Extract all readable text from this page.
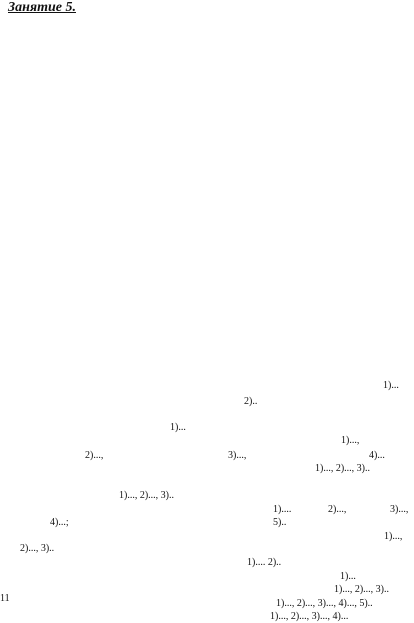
Занятие 5.
1)...
2)..
1)...
1)...,
2)...,	3)...,	4)...
1)..., 2)..., 3)..
1)..., 2)..., 3)..
1)....	2)...,	3)...,
4)...;	5)..
1)...,
2)..., 3)..
1).... 2)..
1)...
1)..., 2)..., 3)..
1)..., 2)..., 3)..., 4)..., 5)..
1)..., 2)..., 3)..., 4)...
11
